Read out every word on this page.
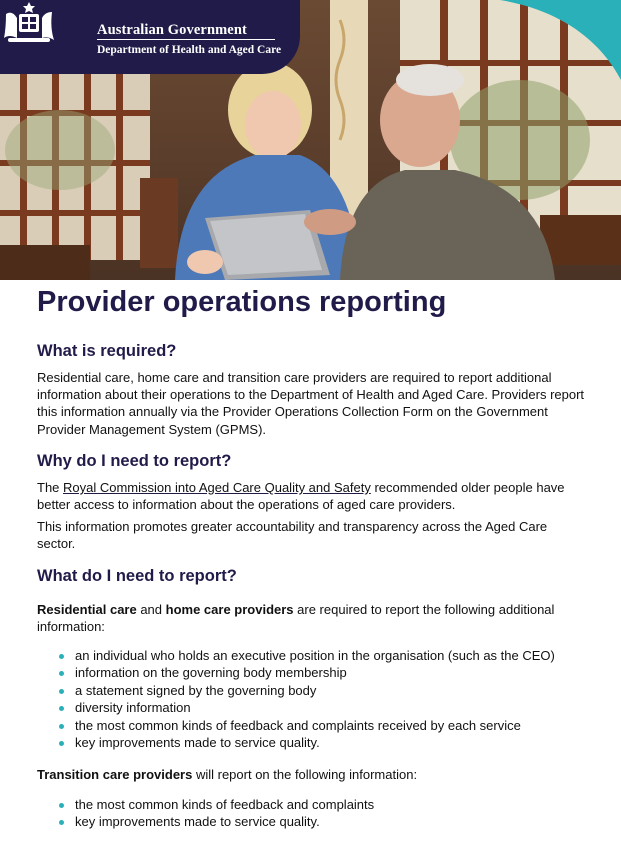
Australian Government
Department of Health and Aged Care
Provider operations reporting
What is required?

Residential care, home care and transition care providers are required to report additional information about their operations to the Department of Health and Aged Care. Providers report this information annually via the Provider Operations Collection Form on the Government Provider Management System (GPMS).

Why do I need to report?

The Royal Commission into Aged Care Quality and Safety recommended older people have better access to information about the operations of aged care providers.

This information promotes greater accountability and transparency across the Aged Care sector.

What do I need to report?

Residential care and home care providers are required to report the following additional information:

an individual who holds an executive position in the organisation (such as the CEO)
information on the governing body membership
a statement signed by the governing body
diversity information
the most common kinds of feedback and complaints received by each service
key improvements made to service quality.

Transition care providers will report on the following information:

the most common kinds of feedback and complaints
key improvements made to service quality.
